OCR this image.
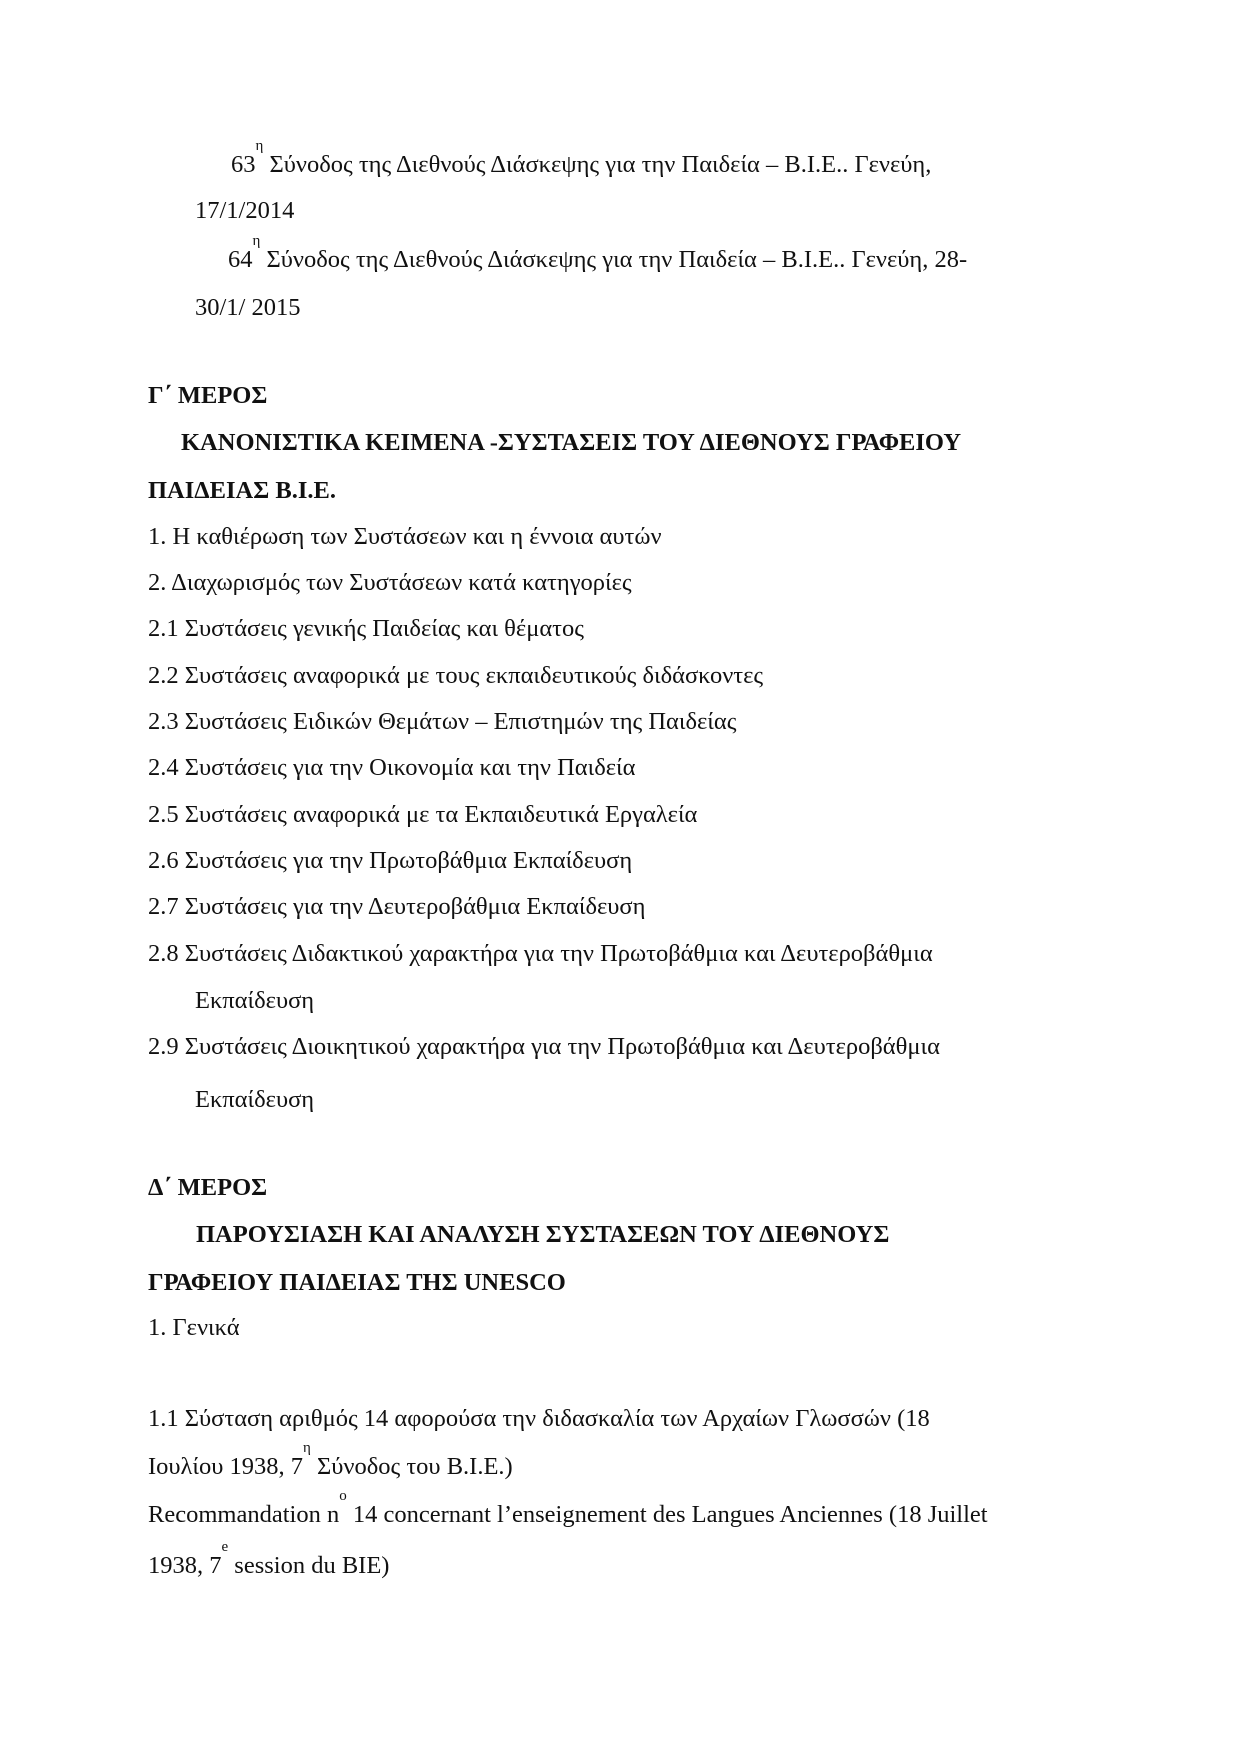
$63^\eta$ Σύνοδος της Διεθνούς Διάσκεψης για την Παιδεία – Β.Ι.Ε.. Γενεύη,
17/1/2014
$64^\eta$ Σύνοδος της Διεθνούς Διάσκεψης για την Παιδεία – Β.Ι.Ε.. Γενεύη, 28-
30/1/ 2015
Γ΄ ΜΕΡΟΣ
ΚΑΝΟΝΙΣΤΙΚΑ ΚΕΙΜΕΝΑ -ΣΥΣΤΑΣΕΙΣ ΤΟΥ ΔΙΕΘΝΟΥΣ ΓΡΑΦΕΙΟΥ
ΠΑΙΔΕΙΑΣ Β.Ι.Ε.
1. Η καθιέρωση των Συστάσεων και η έννοια αυτών
2. Διαχωρισμός των Συστάσεων κατά κατηγορίες
2.1 Συστάσεις γενικής Παιδείας και θέματος
2.2 Συστάσεις αναφορικά με τους εκπαιδευτικούς διδάσκοντες
2.3 Συστάσεις Ειδικών Θεμάτων – Επιστημών της Παιδείας
2.4 Συστάσεις για την Οικονομία και την Παιδεία
2.5 Συστάσεις αναφορικά με τα Εκπαιδευτικά Εργαλεία
2.6 Συστάσεις για την Πρωτοβάθμια Εκπαίδευση
2.7 Συστάσεις για την Δευτεροβάθμια Εκπαίδευση
2.8 Συστάσεις Διδακτικού χαρακτήρα για την Πρωτοβάθμια και Δευτεροβάθμια
Εκπαίδευση
2.9 Συστάσεις Διοικητικού χαρακτήρα για την Πρωτοβάθμια και Δευτεροβάθμια
Εκπαίδευση
Δ΄ ΜΕΡΟΣ
ΠΑΡΟΥΣΙΑΣΗ ΚΑΙ ΑΝΑΛΥΣΗ ΣΥΣΤΑΣΕΩΝ ΤΟΥ ΔΙΕΘΝΟΥΣ
ΓΡΑΦΕΙΟΥ ΠΑΙΔΕΙΑΣ ΤΗΣ UNESCO
1. Γενικά
1.1 Σύσταση αριθμός 14 αφορούσα την διδασκαλία των Αρχαίων Γλωσσών (18
Ιουλίου 1938, $7^\eta$ Σύνοδος του Β.Ι.Ε.)
Recommandation $n^o$ 14 concernant l’enseignement des Langues Anciennes (18 Juillet
1938, 7e session du BIE)
